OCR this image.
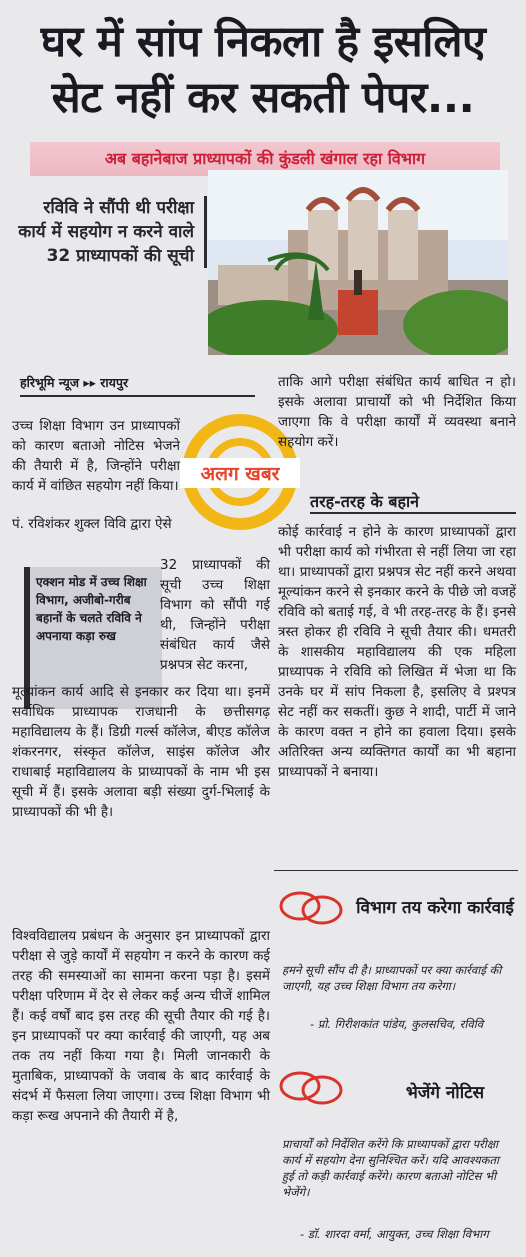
घर में सांप निकला है इसलिए
सेट नहीं कर सकती पेपर...
अब बहानेबाज प्राध्यापकों की कुंडली खंगाल रहा विभाग
रविवि ने सौंपी थी परीक्षा कार्य में सहयोग न करने वाले 32 प्राध्यापकों की सूची
हरिभूमि न्यूज ▸▸ रायपुर
अलग खबर
उच्च शिक्षा विभाग उन प्राध्यापकों को कारण बताओ नोटिस भेजने की तैयारी में है, जिन्होंने परीक्षा कार्य में वांछित सहयोग नहीं किया।
पं. रविशंकर शुक्ल विवि द्वारा ऐसे
एक्शन मोड में उच्च शिक्षा विभाग, अजीबो-गरीब बहानों के चलते रविवि ने अपनाया कड़ा रुख
32 प्राध्यापकों की सूची उच्च शिक्षा विभाग को सौंपी गई थी, जिन्होंने परीक्षा संबंधित कार्य जैसे प्रश्नपत्र सेट करना,
मूल्यांकन कार्य आदि से इनकार कर दिया था। इनमें सर्वाधिक प्राध्यापक राजधानी के छत्तीसगढ़ महाविद्यालय के हैं। डिग्री गर्ल्स कॉलेज, बीएड कॉलेज शंकरनगर, संस्कृत कॉलेज, साइंस कॉलेज और राधाबाई महाविद्यालय के प्राध्यापकों के नाम भी इस सूची में हैं। इसके अलावा बड़ी संख्या दुर्ग-भिलाई के प्राध्यापकों की भी है।
विश्वविद्यालय प्रबंधन के अनुसार इन प्राध्यापकों द्वारा परीक्षा से जुड़े कार्यों में सहयोग न करने के कारण कई तरह की समस्याओं का सामना करना पड़ा है। इसमें परीक्षा परिणाम में देर से लेकर कई अन्य चीजें शामिल हैं। कई वर्षों बाद इस तरह की सूची तैयार की गई है। इन प्राध्यापकों पर क्या कार्रवाई की जाएगी, यह अब तक तय नहीं किया गया है। मिली जानकारी के मुताबिक, प्राध्यापकों के जवाब के बाद कार्रवाई के संदर्भ में फैसला लिया जाएगा। उच्च शिक्षा विभाग भी कड़ा रूख अपनाने की तैयारी में है,
ताकि आगे परीक्षा संबंधित कार्य बाधित न हो। इसके अलावा प्राचार्यों को भी निर्देशित किया जाएगा कि वे परीक्षा कार्यों में व्यवस्था बनाने सहयोग करें।
तरह-तरह के बहाने
कोई कार्रवाई न होने के कारण प्राध्यापकों द्वारा भी परीक्षा कार्य को गंभीरता से नहीं लिया जा रहा था। प्राध्यापकों द्वारा प्रश्नपत्र सेट नहीं करने अथवा मूल्यांकन करने से इनकार करने के पीछे जो वजहें रविवि को बताई गई, वे भी तरह-तरह के हैं। इनसे त्रस्त होकर ही रविवि ने सूची तैयार की। धमतरी के शासकीय महाविद्यालय की एक महिला प्राध्यापक ने रविवि को लिखित में भेजा था कि उनके घर में सांप निकला है, इसलिए वे प्रश्पत्र सेट नहीं कर सकतीं। कुछ ने शादी, पार्टी में जाने के कारण वक्त न होने का हवाला दिया। इसके अतिरिक्त अन्य व्यक्तिगत कार्यों का भी बहाना प्राध्यापकों ने बनाया।
विभाग तय करेगा कार्रवाई
हमने सूची सौंप दी है। प्राध्यापकों पर क्या कार्रवाई की जाएगी, यह उच्च शिक्षा विभाग तय करेगा।
- प्रो. गिरीशकांत पांडेय, कुलसचिव, रविवि
भेजेंगे नोटिस
प्राचार्यों को निर्देशित करेंगे कि प्राध्यापकों द्वारा परीक्षा कार्य में सहयोग देना सुनिश्चित करें। यदि आवश्यकता हुई तो कड़ी कार्रवाई करेंगे। कारण बताओ नोटिस भी भेजेंगे।
- डॉ. शारदा वर्मा, आयुक्त, उच्च शिक्षा विभाग
